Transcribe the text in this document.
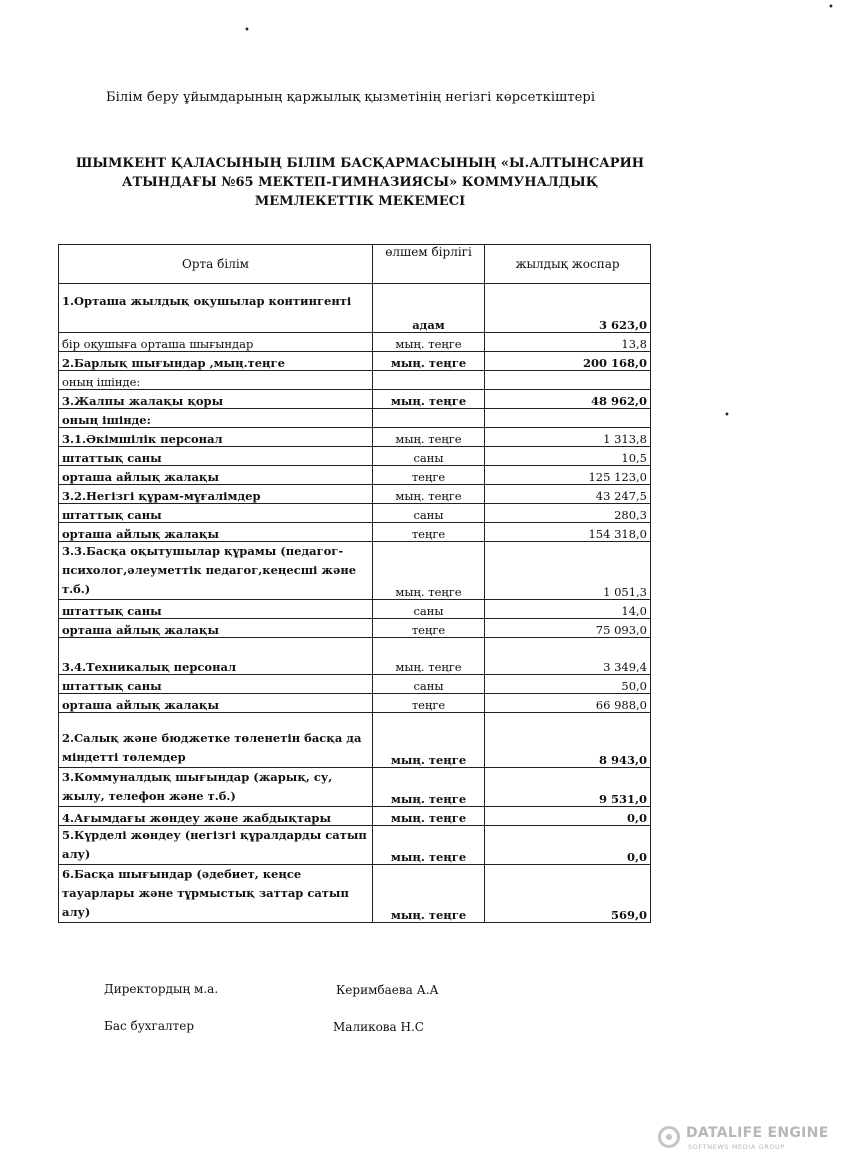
•
•
•
Білім беру ұйымдарының қаржылық қызметінің негізгі көрсеткіштері
ШЫМКЕНТ ҚАЛАСЫНЫҢ БІЛІМ БАСҚАРМАСЫНЫҢ «Ы.АЛТЫНСАРИН
АТЫНДАҒЫ №65 МЕКТЕП-ГИМНАЗИЯСЫ» КОММУНАЛДЫҚ
МЕМЛЕКЕТТІК МЕКЕМЕСІ
Орта білім	өлшем бірлігі	жылдық жоспар
1.Орташа жылдық оқушылар контингенті	адам	3 623,0
бір оқушыға орташа шығындар	мың. теңге	13,8
2.Барлық шығындар ,мың.теңге	мың. теңге	200 168,0
оның ішінде:		
3.Жалпы жалақы қоры	мың. теңге	48 962,0
оның ішінде:		
3.1.Әкімшілік персонал	мың. теңге	1 313,8
штаттық саны	саны	10,5
орташа айлық жалақы	теңге	125 123,0
3.2.Негізгі құрам-мұғалімдер	мың. теңге	43 247,5
штаттық саны	саны	280,3
орташа айлық жалақы	теңге	154 318,0
3.3.Басқа оқытушылар құрамы (педагог-психолог,әлеуметтік педагог,кеңесші және т.б.)	мың. теңге	1 051,3
штаттық саны	саны	14,0
орташа айлық жалақы	теңге	75 093,0
3.4.Техникалық персонал	мың. теңге	3 349,4
штаттық саны	саны	50,0
орташа айлық жалақы	теңге	66 988,0
2.Салық және бюджетке төленетін басқа да міндетті төлемдер	мың. теңге	8 943,0
3.Коммуналдық шығындар (жарық, су, жылу, телефон және т.б.)	мың. теңге	9 531,0
4.Ағымдағы жөндеу және жабдықтары	мың. теңге	0,0
5.Күрделі жөндеу (негізгі құралдарды сатып алу)	мың. теңге	0,0
6.Басқа шығындар (әдебиет, кеңсе тауарлары және тұрмыстық заттар сатып алу)	мың. теңге	569,0
Директордың м.а.	Керимбаева А.А
Бас бухгалтер	Маликова Н.С
DATALIFE ENGINE
SOFTNEWS MEDIA GROUP
